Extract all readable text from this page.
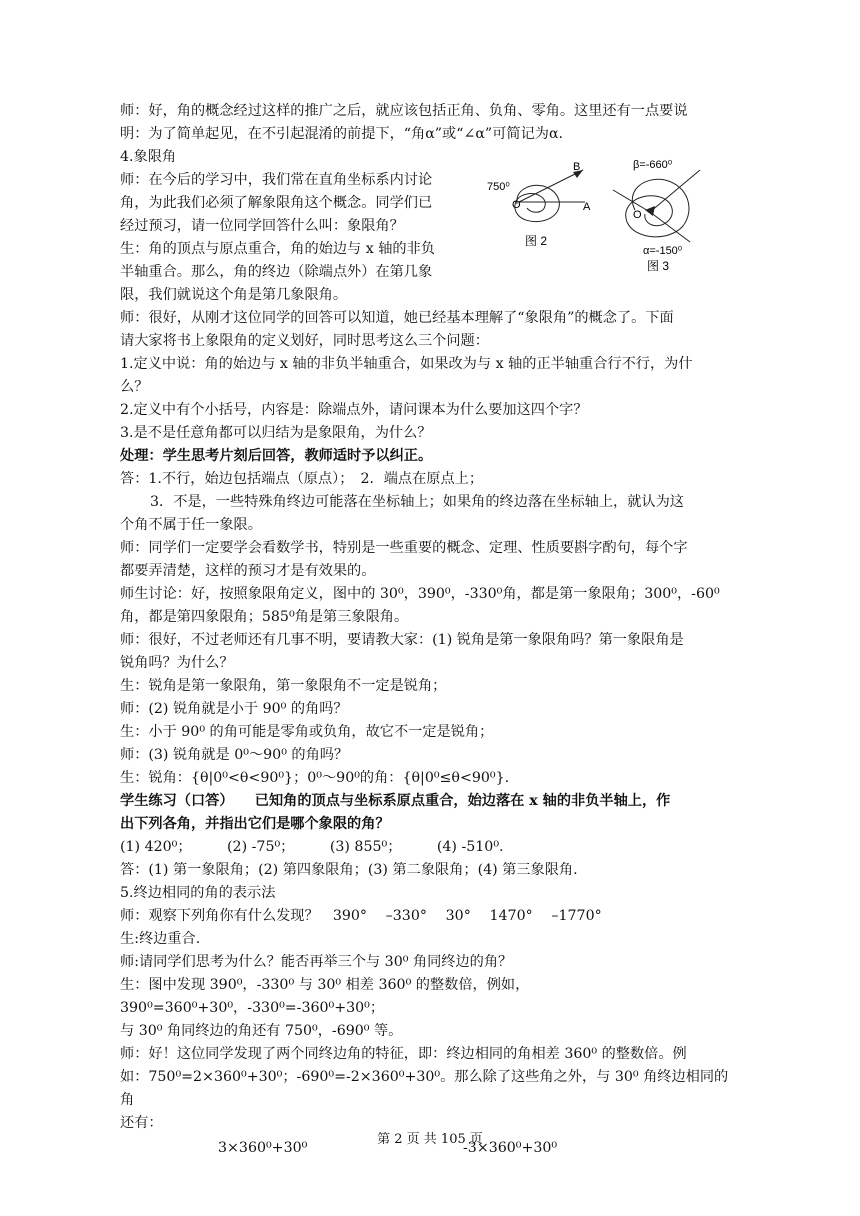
师：好，角的概念经过这样的推广之后，就应该包括正角、负角、零角。这里还有一点要说

明：为了简单起见，在不引起混淆的前提下，“角α”或“∠α”可简记为α.

4.象限角

师：在今后的学习中，我们常在直角坐标系内讨论

角，为此我们必须了解象限角这个概念。同学们已

经过预习，请一位同学回答什么叫：象限角？

生：角的顶点与原点重合，角的始边与 x 轴的非负

半轴重合。那么，角的终边（除端点外）在第几象

限，我们就说这个角是第几象限角。

师：很好，从刚才这位同学的回答可以知道，她已经基本理解了“象限角”的概念了。下面

请大家将书上象限角的定义划好，同时思考这么三个问题：

1.定义中说：角的始边与 x 轴的非负半轴重合，如果改为与 x 轴的正半轴重合行不行，为什

么？

2.定义中有个小括号，内容是：除端点外，请问课本为什么要加这四个字？

3.是不是任意角都可以归结为是象限角，为什么？

处理：学生思考片刻后回答，教师适时予以纠正。

答：1.不行，始边包括端点（原点）；　2．端点在原点上；

3．不是，一些特殊角终边可能落在坐标轴上；如果角的终边落在坐标轴上，就认为这

个角不属于任一象限。

师：同学们一定要学会看数学书，特别是一些重要的概念、定理、性质要斟字酌句，每个字

都要弄清楚，这样的预习才是有效果的。

师生讨论：好，按照象限角定义，图中的 30⁰，390⁰，-330⁰角，都是第一象限角；300⁰，-60⁰

角，都是第四象限角；585⁰角是第三象限角。

师：很好，不过老师还有几事不明，要请教大家：(1) 锐角是第一象限角吗？第一象限角是

锐角吗？为什么？

生：锐角是第一象限角，第一象限角不一定是锐角；

师：(2) 锐角就是小于 90⁰ 的角吗？

生：小于 90⁰ 的角可能是零角或负角，故它不一定是锐角；

师：(3) 锐角就是 0⁰～90⁰ 的角吗？

生：锐角：{θ|0⁰<θ<90⁰}；0⁰～90⁰的角：{θ|0⁰≤θ<90⁰}.

学生练习（口答）　　已知角的顶点与坐标系原点重合，始边落在 x 轴的非负半轴上，作

出下列各角，并指出它们是哪个象限的角？

(1) 420⁰；　　　(2) -75⁰；　　　(3) 855⁰；　　　(4) -510⁰.

答：(1) 第一象限角；(2) 第四象限角；(3) 第二象限角；(4) 第三象限角.

5.终边相同的角的表示法

师：观察下列角你有什么发现？　390°　 –330°　 30°　 1470°　 –1770°

生:终边重合.

师:请同学们思考为什么？能否再举三个与 30⁰ 角同终边的角？

生：图中发现 390⁰，-330⁰ 与 30⁰ 相差 360⁰ 的整数倍，例如，390⁰=360⁰+30⁰，-330⁰=-360⁰+30⁰；

与 30⁰ 角同终边的角还有 750⁰，-690⁰ 等。

师：好！这位同学发现了两个同终边角的特征，即：终边相同的角相差 360⁰ 的整数倍。例

如：750⁰=2×360⁰+30⁰；-690⁰=-2×360⁰+30⁰。那么除了这些角之外，与 30⁰ 角终边相同的角

还有：

3×360⁰+30⁰	-3×360⁰+30⁰
750⁰
O	A
B
图 2
β=-660⁰
O
α=-150⁰
图 3
第 2 页 共 105 页
